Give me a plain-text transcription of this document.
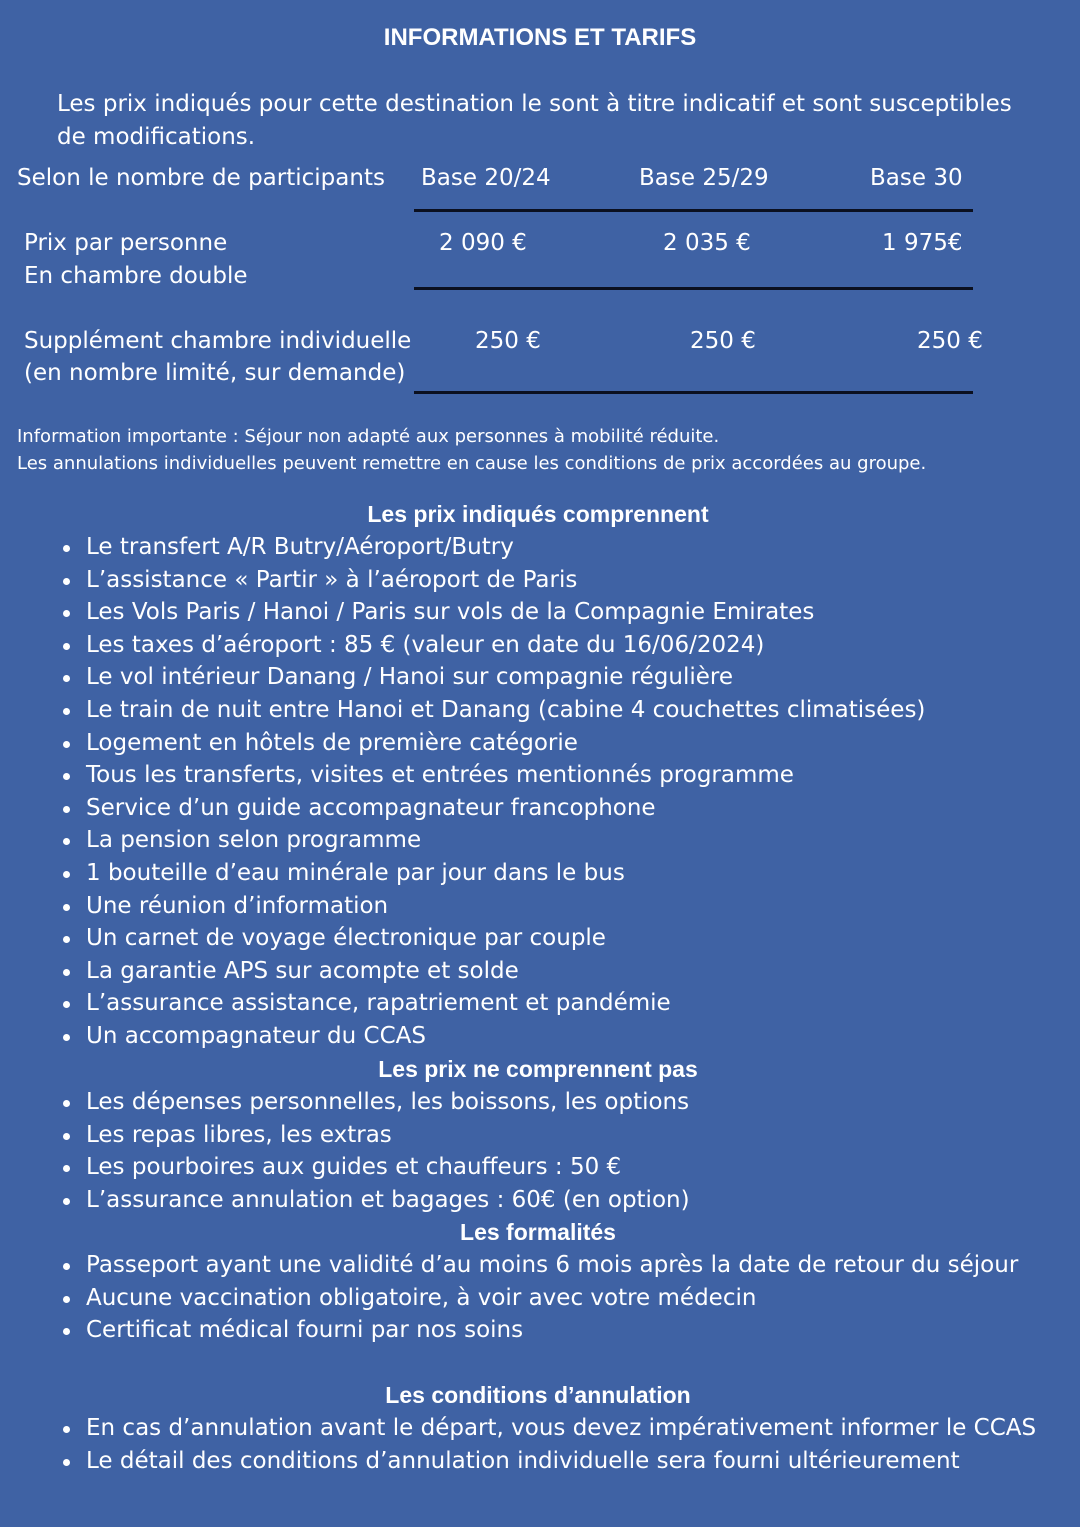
INFORMATIONS ET TARIFS
Les prix indiqués pour cette destination le sont à titre indicatif et sont susceptibles de modifications.
Selon le nombre de participants Base 20/24	Base 25/29	Base 30
Prix par personne
En chambre double
2 090 €	2 035 €	1 975€
Supplément chambre individuelle
(en nombre limité, sur demande)
250 €	250 €	250 €
Information importante : Séjour non adapté aux personnes à mobilité réduite.
Les annulations individuelles peuvent remettre en cause les conditions de prix accordées au groupe.
Les prix indiqués comprennent
Le transfert A/R Butry/Aéroport/Butry
L’assistance « Partir » à l’aéroport de Paris
Les Vols Paris / Hanoi / Paris sur vols de la Compagnie Emirates
Les taxes d’aéroport : 85 € (valeur en date du 16/06/2024)
Le vol intérieur Danang / Hanoi sur compagnie régulière
Le train de nuit entre Hanoi et Danang (cabine 4 couchettes climatisées)
Logement en hôtels de première catégorie
Tous les transferts, visites et entrées mentionnés programme
Service d’un guide accompagnateur francophone
La pension selon programme
1 bouteille d’eau minérale par jour dans le bus
Une réunion d’information
Un carnet de voyage électronique par couple
La garantie APS sur acompte et solde
L’assurance assistance, rapatriement et pandémie
Un accompagnateur du CCAS
Les prix ne comprennent pas
Les dépenses personnelles, les boissons, les options
Les repas libres, les extras
Les pourboires aux guides et chauffeurs : 50 €
L’assurance annulation et bagages : 60€ (en option)
Les formalités
Passeport ayant une validité d’au moins 6 mois après la date de retour du séjour
Aucune vaccination obligatoire, à voir avec votre médecin
Certificat médical fourni par nos soins
Les conditions d’annulation
En cas d’annulation avant le départ, vous devez impérativement informer le CCAS
Le détail des conditions d’annulation individuelle sera fourni ultérieurement
